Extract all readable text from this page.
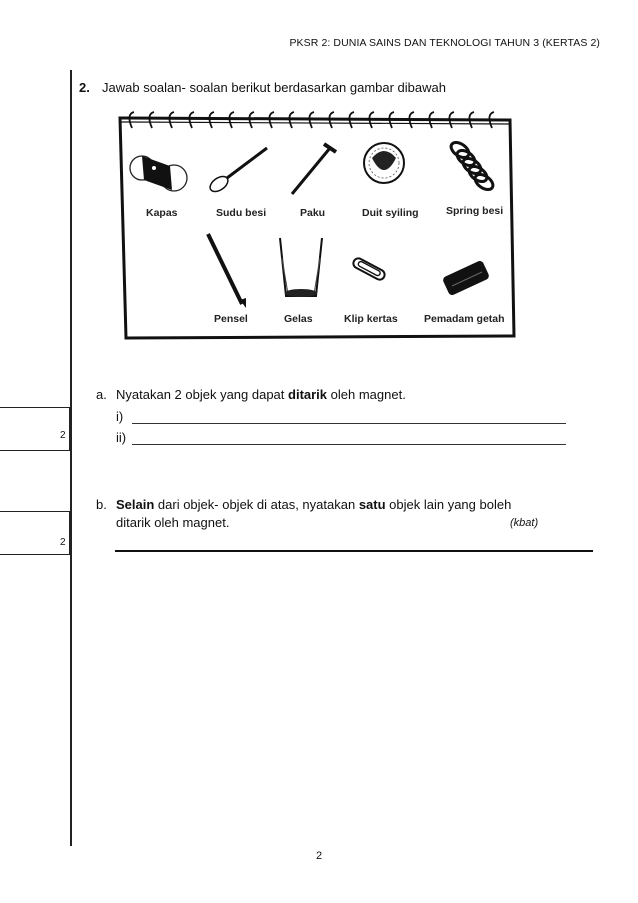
PKSR 2: DUNIA SAINS DAN TEKNOLOGI TAHUN 3 (KERTAS 2)
2. Jawab soalan- soalan berikut berdasarkan gambar dibawah
Kapas	Sudu besi	Paku	Duit syiling	Spring besi
Pensel	Gelas	Klip kertas	Pemadam getah
a. Nyatakan 2 objek yang dapat ditarik oleh magnet.
i)
ii)
2
b. Selain dari objek- objek di atas, nyatakan satu objek lain yang boleh
ditarik oleh magnet.	(kbat)
2
2
